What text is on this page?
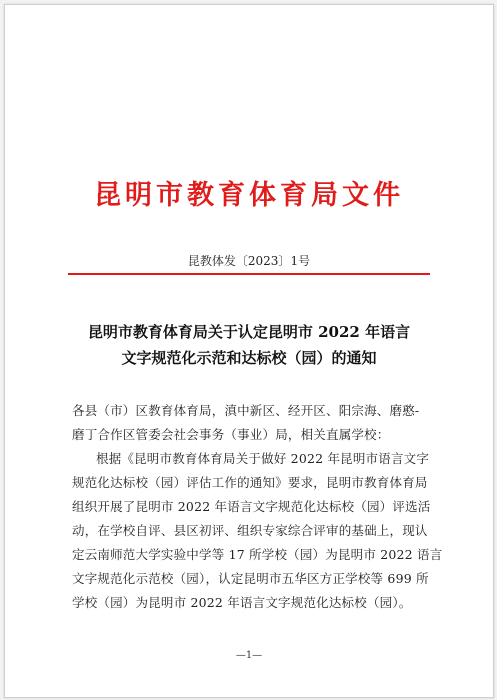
昆明市教育体育局文件
昆教体发〔2023〕1号
昆明市教育体育局关于认定昆明市 2022 年语言
文字规范化示范和达标校（园）的通知
各县（市）区教育体育局，滇中新区、经开区、阳宗海、磨憨-
磨丁合作区管委会社会事务（事业）局，相关直属学校：
根据《昆明市教育体育局关于做好 2022 年昆明市语言文字
规范化达标校（园）评估工作的通知》要求，昆明市教育体育局
组织开展了昆明市 2022 年语言文字规范化达标校（园）评选活
动，在学校自评、县区初评、组织专家综合评审的基础上，现认
定云南师范大学实验中学等 17 所学校（园）为昆明市 2022 语言
文字规范化示范校（园），认定昆明市五华区方正学校等 699 所
学校（园）为昆明市 2022 年语言文字规范化达标校（园）。
—1—
